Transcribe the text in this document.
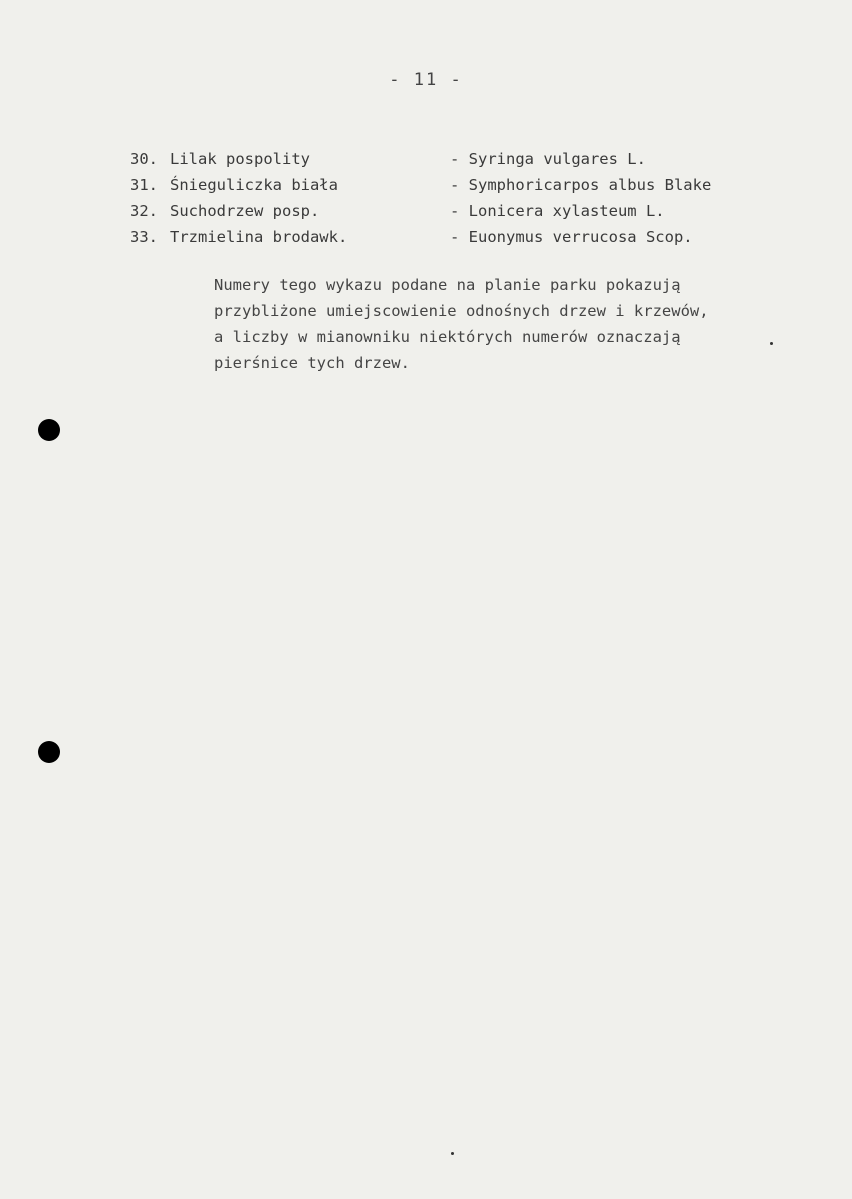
- 11 -
30. Lilak pospolity	- Syringa vulgares L.
31. Śnieguliczka biała	- Symphoricarpos albus Blake
32. Suchodrzew posp.	- Lonicera xylasteum L.
33. Trzmielina brodawk.	- Euonymus verrucosa Scop.
Numery tego wykazu podane na planie parku pokazują
przybliżone umiejscowienie odnośnych drzew i krzewów,
a liczby w mianowniku niektórych numerów oznaczają
pierśnice tych drzew.
